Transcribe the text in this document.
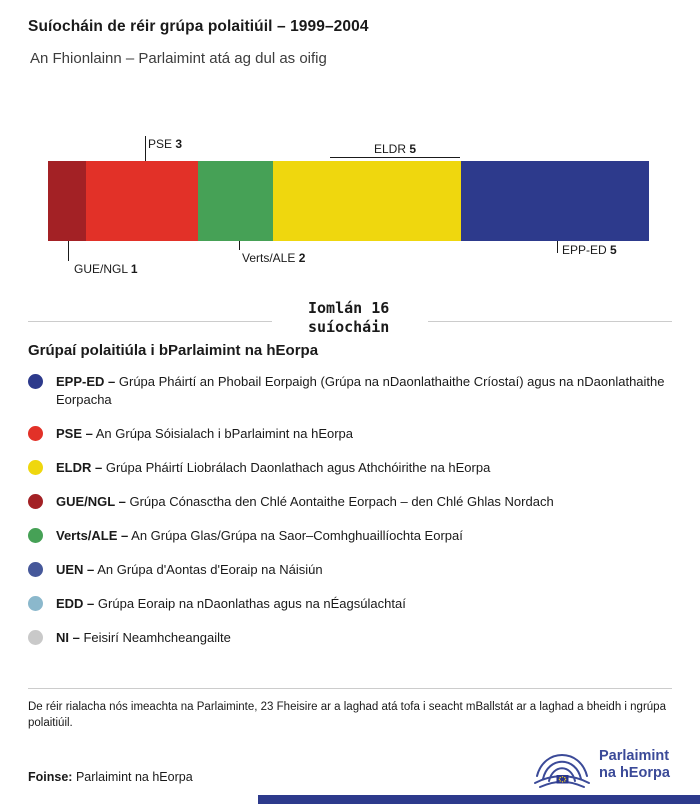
Suíocháin de réir grúpa polaitiúil – 1999–2004
An Fhionlainn – Parlaimint atá ag dul as oifig
PSE 3	ELDR 5
GUE/NGL 1
Verts/ALE 2
EPP-ED 5
Iomlán 16
suíocháin
Grúpaí polaitiúla i bParlaimint na hEorpa
EPP-ED – Grúpa Pháirtí an Phobail Eorpaigh (Grúpa na nDaonlathaithe Críostaí) agus na nDaonlathaithe Eorpacha
PSE – An Grúpa Sóisialach i bParlaimint na hEorpa
ELDR – Grúpa Pháirtí Liobrálach Daonlathach agus Athchóirithe na hEorpa
GUE/NGL – Grúpa Cónasctha den Chlé Aontaithe Eorpach – den Chlé Ghlas Nordach
Verts/ALE – An Grúpa Glas/Grúpa na Saor–Comhghuaillíochta Eorpaí
UEN – An Grúpa d'Aontas d'Eoraip na Náisiún
EDD – Grúpa Eoraip na nDaonlathas agus na nÉagsúlachtaí
NI – Feisirí Neamhcheangailte
De réir rialacha nós imeachta na Parlaiminte, 23 Fheisire ar a laghad atá tofa i seacht mBallstát ar a laghad a bheidh i ngrúpa polaitiúil.
Foinse: Parlaimint na hEorpa
Parlaimint
na hEorpa
